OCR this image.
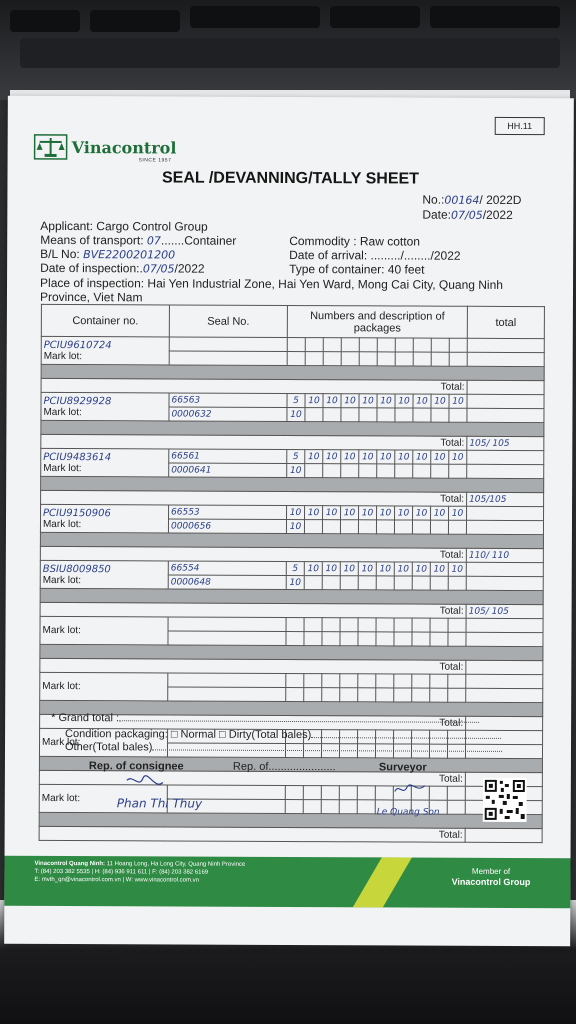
HH.11
Vinacontrol
SINCE 1957
SEAL /DEVANNING/TALLY SHEET
No.:00164/ 2022D
Date:07/05/2022
Applicant: Cargo Control Group
Means of transport: 07.......Container
B/L No: BVE2200201200
Date of inspection:.07/05/2022
Commodity : Raw cotton
Date of arrival: ........./......../2022
Type of container: 40 feet
Place of inspection: Hai Yen Industrial Zone, Hai Yen Ward, Mong Cai City, Quang Ninh
Province, Viet Nam
Container no.	Seal No.	Numbers and description of packages										total

PCIU9610724
Mark lot:												

Total:												

PCIU8929928
Mark lot:	66563	5	10	10	10	10	10	10	10	10	10	
	0000632	10										

Total:												105/ 105

PCIU9483614
Mark lot:	66561	5	10	10	10	10	10	10	10	10	10	
	0000641	10										

Total:												105/105

PCIU9150906
Mark lot:	66553	10	10	10	10	10	10	10	10	10	10	
	0000656	10										

Total:												110/ 110

BSIU8009850
Mark lot:	66554	5	10	10	10	10	10	10	10	10	10	
	0000648	10										

Total:												105/ 105

Mark lot:												

Total:												

Mark lot:												

Total:												

Mark lot:												

Total:												

Mark lot:												

Total:												
* Grand total :
Condition packaging: □ Normal □ Dirty(Total bales)
Other(Total bales)
Rep. of consignee	Rep. of......................	Surveyor
Phan Thi Thuy
Le Quang Son
Vinacontrol Quang Ninh: 11 Hoang Long, Ha Long City, Quang Ninh Province
T: (84) 203 382 5535 | H: (84) 936 911 611 | F: (84) 203 382 6169
E: mvth_qn@vinacontrol.com.vn | W: www.vinacontrol.com.vn
Member of
Vinacontrol Group
